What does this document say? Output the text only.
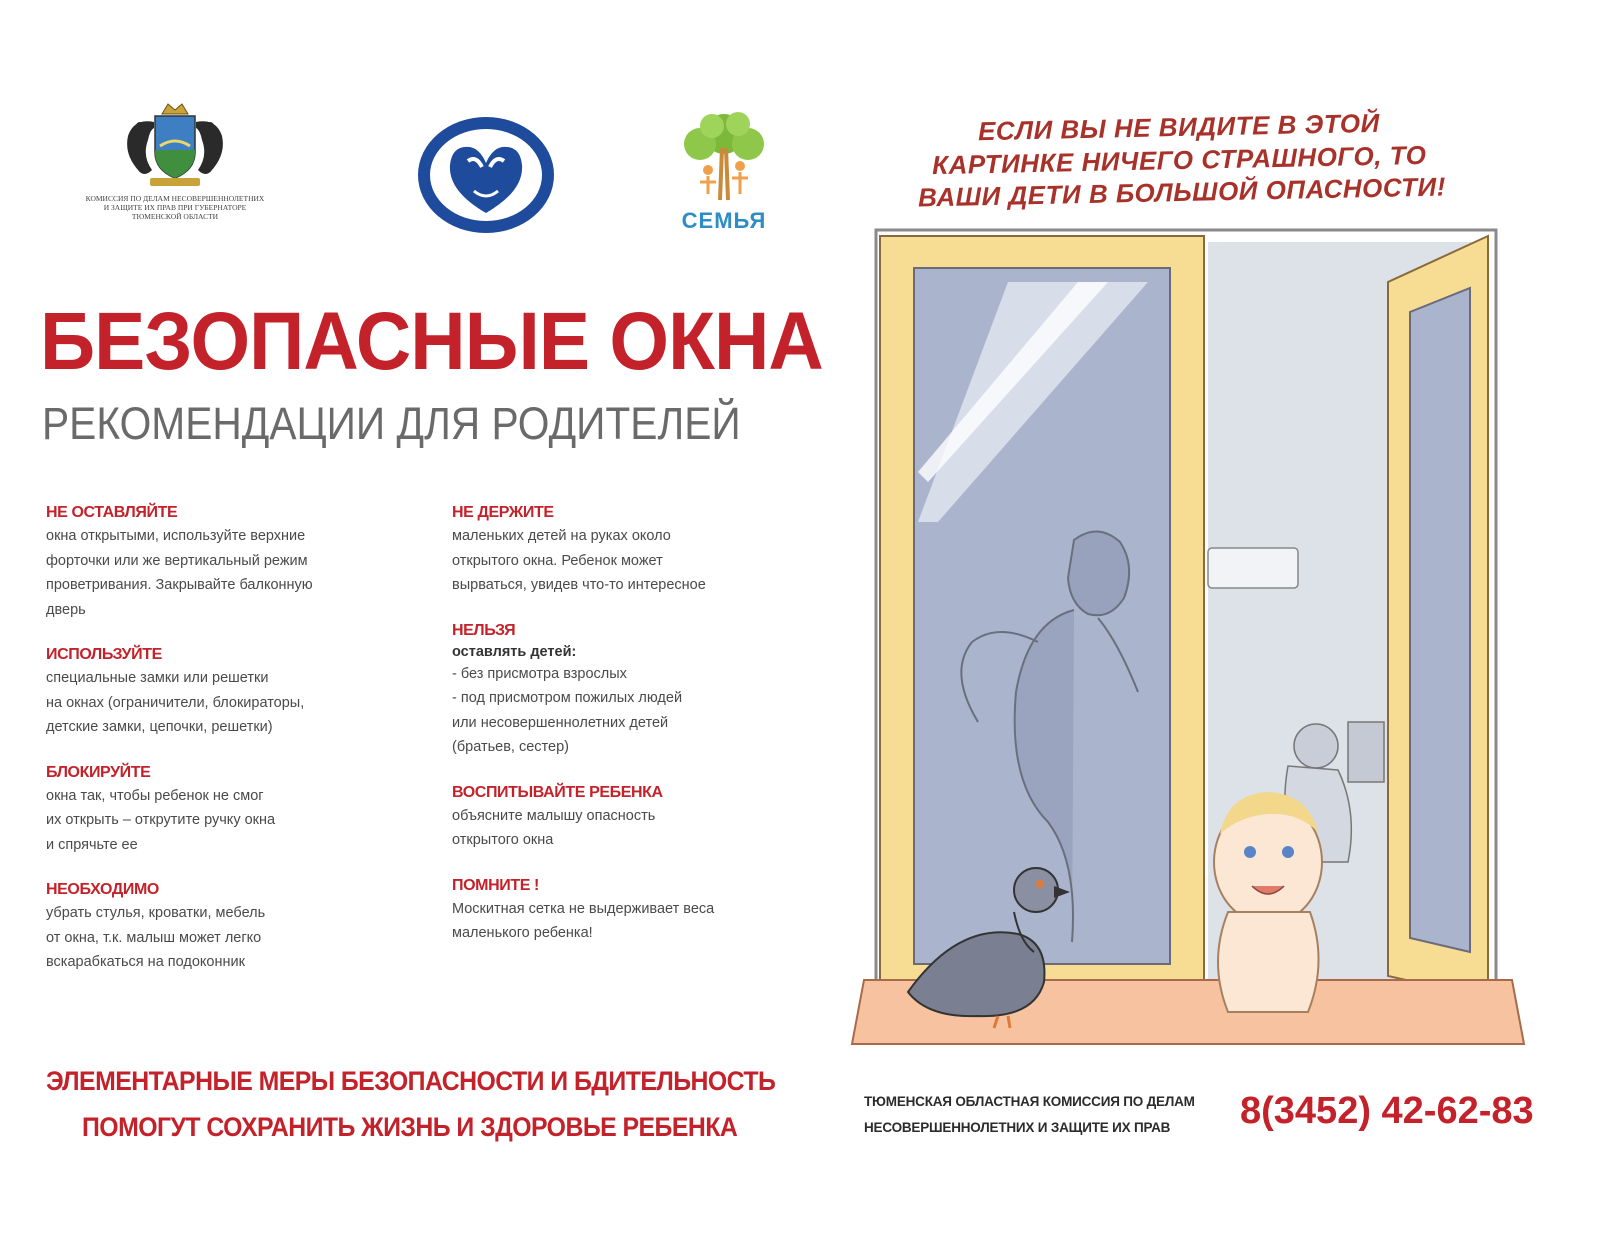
КОМИССИЯ ПО ДЕЛАМ НЕСОВЕРШЕННОЛЕТНИХ
И ЗАЩИТЕ ИХ ПРАВ ПРИ ГУБЕРНАТОРЕ
ТЮМЕНСКОЙ ОБЛАСТИ	СЕМЬЯ
БЕЗОПАСНЫЕ ОКНА
РЕКОМЕНДАЦИИ ДЛЯ РОДИТЕЛЕЙ
НЕ ОСТАВЛЯЙТЕ
окна открытыми, используйте верхние
форточки или же вертикальный режим
проветривания. Закрывайте балконную
дверь
ИСПОЛЬЗУЙТЕ
специальные замки или решетки
на окнах (ограничители, блокираторы,
детские замки, цепочки, решетки)
БЛОКИРУЙТЕ
окна так, чтобы ребенок не смог
их открыть – открутите ручку окна
и спрячьте ее
НЕОБХОДИМО
убрать стулья, кроватки, мебель
от окна, т.к. малыш может легко
вскарабкаться на подоконник
НЕ ДЕРЖИТЕ
маленьких детей на руках около
открытого окна. Ребенок может
вырваться, увидев что-то интересное
НЕЛЬЗЯ
оставлять детей:
- без присмотра взрослых
- под присмотром пожилых людей
или несовершеннолетних детей
(братьев, сестер)
ВОСПИТЫВАЙТЕ РЕБЕНКА
объясните малышу опасность
открытого окна
ПОМНИТЕ !
Москитная сетка не выдерживает веса
маленького ребенка!
ЭЛЕМЕНТАРНЫЕ МЕРЫ БЕЗОПАСНОСТИ И БДИТЕЛЬНОСТЬ
ПОМОГУТ СОХРАНИТЬ ЖИЗНЬ И ЗДОРОВЬЕ РЕБЕНКА
ЕСЛИ ВЫ НЕ ВИДИТЕ В ЭТОЙ
КАРТИНКЕ НИЧЕГО СТРАШНОГО, ТО
ВАШИ ДЕТИ В БОЛЬШОЙ ОПАСНОСТИ!
ТЮМЕНСКАЯ ОБЛАСТНАЯ КОМИССИЯ ПО ДЕЛАМ
НЕСОВЕРШЕННОЛЕТНИХ И ЗАЩИТЕ ИХ ПРАВ 8(3452) 42-62-83
